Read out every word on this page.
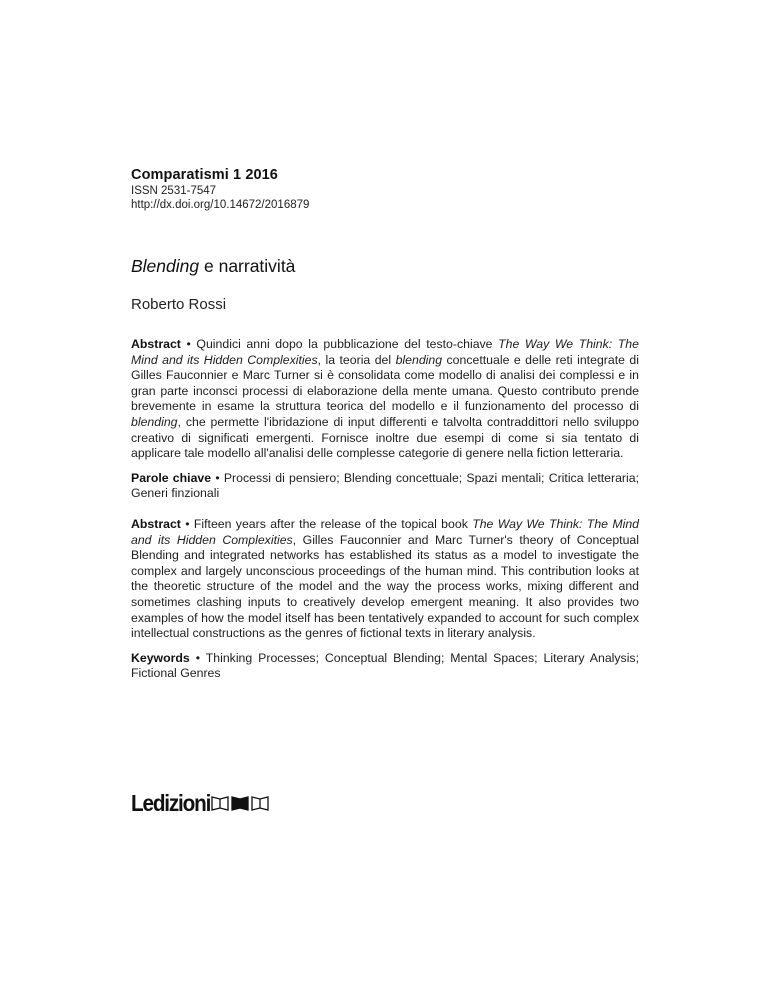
Comparatismi 1 2016
ISSN 2531-7547
http://dx.doi.org/10.14672/2016879
Blending e narratività
Roberto Rossi
Abstract • Quindici anni dopo la pubblicazione del testo-chiave The Way We Think: The Mind and its Hidden Complexities, la teoria del blending concettuale e delle reti integrate di Gilles Fauconnier e Marc Turner si è consolidata come modello di analisi dei complessi e in gran parte inconsci processi di elaborazione della mente umana. Questo contributo prende brevemente in esame la struttura teorica del modello e il funzionamento del processo di blending, che permette l'ibridazione di input differenti e talvolta contraddittori nello sviluppo creativo di significati emergenti. Fornisce inoltre due esempi di come si sia tentato di applicare tale modello all'analisi delle complesse categorie di genere nella fiction letteraria.
Parole chiave • Processi di pensiero; Blending concettuale; Spazi mentali; Critica letteraria; Generi finzionali
Abstract • Fifteen years after the release of the topical book The Way We Think: The Mind and its Hidden Complexities, Gilles Fauconnier and Marc Turner's theory of Conceptual Blending and integrated networks has established its status as a model to investigate the complex and largely unconscious proceedings of the human mind. This contribution looks at the theoretic structure of the model and the way the process works, mixing different and sometimes clashing inputs to creatively develop emergent meaning. It also provides two examples of how the model itself has been tentatively expanded to account for such complex intellectual constructions as the genres of fictional texts in literary analysis.
Keywords • Thinking Processes; Conceptual Blending; Mental Spaces; Literary Analysis; Fictional Genres
Ledizioni
